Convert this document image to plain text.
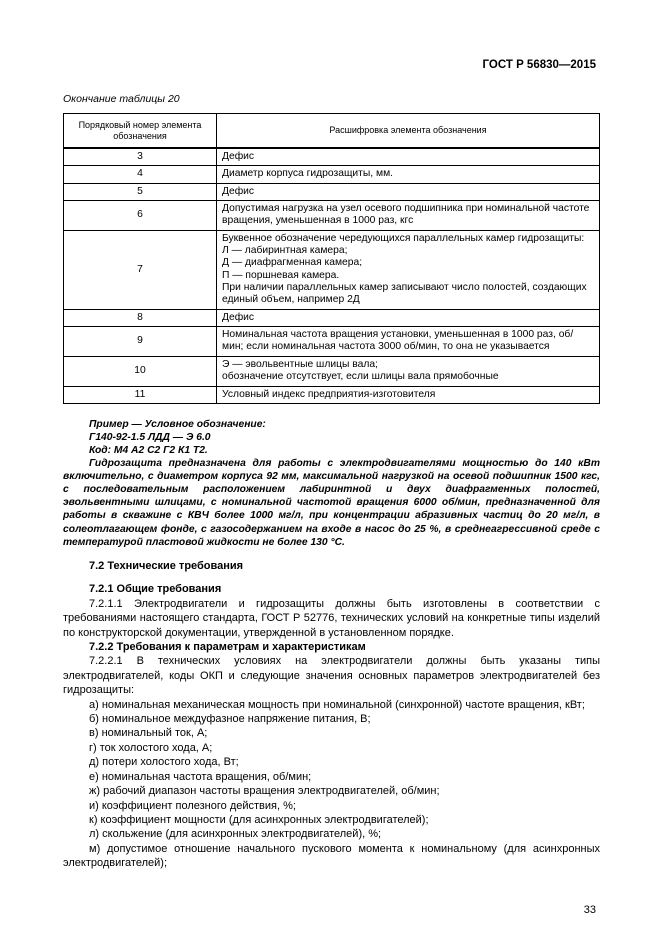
ГОСТ Р 56830—2015
Окончание таблицы 20
Порядковый номер элемента обозначения	Расшифровка элемента обозначения
3	Дефис
4	Диаметр корпуса гидрозащиты, мм.
5	Дефис
6	Допустимая нагрузка на узел осевого подшипника при номинальной частоте вращения, уменьшенная в 1000 раз, кгс
7	Буквенное обозначение чередующихся параллельных камер гидрозащиты:
Л — лабиринтная камера;
Д — диафрагменная камера;
П — поршневая камера.
При наличии параллельных камер записывают число полостей, создающих единый объем, например 2Д
8	Дефис
9	Номинальная частота вращения установки, уменьшенная в 1000 раз, об/мин; если номинальная частота 3000 об/мин, то она не указывается
10	Э — эвольвентные шлицы вала;
обозначение отсутствует, если шлицы вала прямобочные
11	Условный индекс предприятия-изготовителя

Пример — Условное обозначение:

Г140-92-1.5 ЛДД — Э 6.0

Код: М4 А2 С2 Г2 К1 Т2.

Гидрозащита предназначена для работы с электродвигателями мощностью до 140 кВт включительно, с диаметром корпуса 92 мм, максимальной нагрузкой на осевой подшипник 1500 кгс, с последовательным расположением лабиринтной и двух диафрагменных полостей, эвольвентными шлицами, с номинальной частотой вращения 6000 об/мин, предназначенной для работы в скважине с КВЧ более 1000 мг/л, при концентрации абразивных частиц до 20 мг/л, в солеотлагающем фонде, с газосодержанием на входе в насос до 25 %, в среднеагрессивной среде с температурой пластовой жидкости не более 130 °С.

7.2 Технические требования
7.2.1 Общие требования

7.2.1.1 Электродвигатели и гидрозащиты должны быть изготовлены в соответствии с требованиями настоящего стандарта, ГОСТ Р 52776, технических условий на конкретные типы изделий по конструкторской документации, утвержденной в установленном порядке.

7.2.2 Требования к параметрам и характеристикам

7.2.2.1 В технических условиях на электродвигатели должны быть указаны типы электродвигателей, коды ОКП и следующие значения основных параметров электродвигателей без гидрозащиты:

а) номинальная механическая мощность при номинальной (синхронной) частоте вращения, кВт;

б) номинальное междуфазное напряжение питания, В;

в) номинальный ток, А;

г) ток холостого хода, А;

д) потери холостого хода, Вт;

е) номинальная частота вращения, об/мин;

ж) рабочий диапазон частоты вращения электродвигателей, об/мин;

и) коэффициент полезного действия, %;

к) коэффициент мощности (для асинхронных электродвигателей);

л) скольжение (для асинхронных электродвигателей), %;

м) допустимое отношение начального пускового момента к номинальному (для асинхронных электродвигателей);

33
